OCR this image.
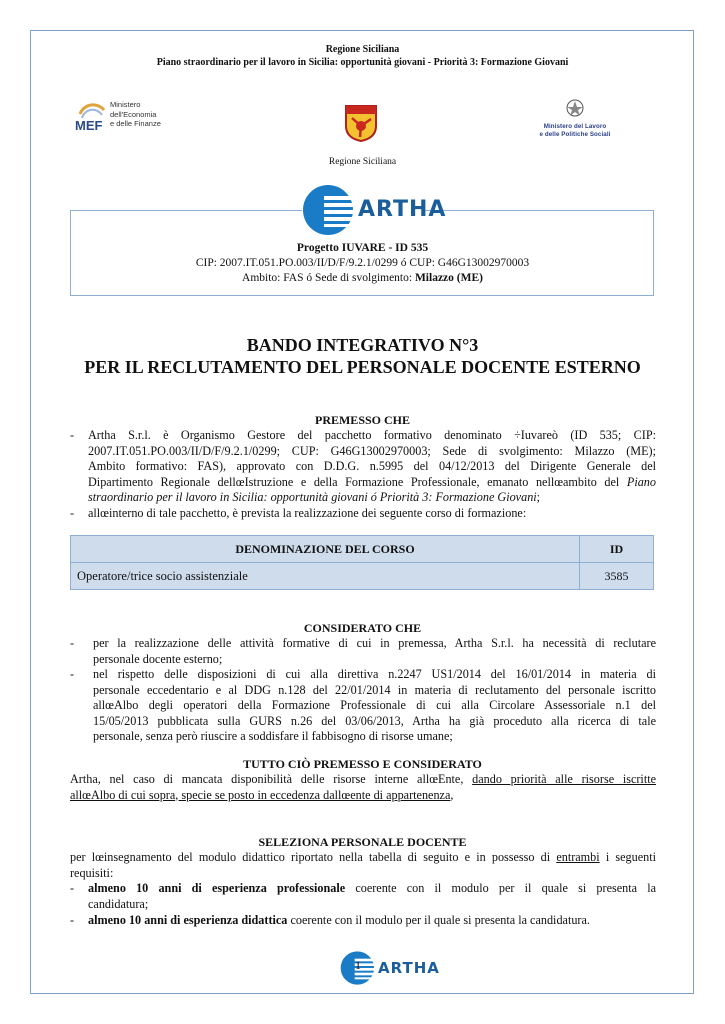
Regione Siciliana
Piano straordinario per il lavoro in Sicilia: opportunità giovani - Priorità 3: Formazione Giovani
MEF
Ministero
dell'Economia
e delle Finanze	Ministero del Lavoro
e delle Politiche Sociali
Regione Siciliana
ARTHA
Progetto IUVARE - ID 535
CIP: 2007.IT.051.PO.003/II/D/F/9.2.1/0299 ó CUP: G46G13002970003
Ambito: FAS ó Sede di svolgimento: Milazzo (ME)
BANDO INTEGRATIVO N°3
PER IL RECLUTAMENTO DEL PERSONALE DOCENTE ESTERNO
PREMESSO CHE
- Artha S.r.l. è Organismo Gestore del pacchetto formativo denominato ÷Iuvareò (ID 535; CIP:
2007.IT.051.PO.003/II/D/F/9.2.1/0299; CUP: G46G13002970003; Sede di svolgimento: Milazzo (ME);
Ambito formativo: FAS), approvato con D.D.G. n.5995 del 04/12/2013 del Dirigente Generale del
Dipartimento Regionale dellœIstruzione e della Formazione Professionale, emanato nellœambito del Piano
straordinario per il lavoro in Sicilia: opportunità giovani ó Priorità 3: Formazione Giovani;
- allœinterno di tale pacchetto, è prevista la realizzazione dei seguente corso di formazione:
DENOMINAZIONE DEL CORSO	ID
Operatore/trice socio assistenziale	3585
CONSIDERATO CHE
- per la realizzazione delle attività formative di cui in premessa, Artha S.r.l. ha necessità di reclutare
personale docente esterno;
- nel rispetto delle disposizioni di cui alla direttiva n.2247 US1/2014 del 16/01/2014 in materia di
personale eccedentario e al DDG n.128 del 22/01/2014 in materia di reclutamento del personale iscritto
allœAlbo degli operatori della Formazione Professionale di cui alla Circolare Assessoriale n.1 del
15/05/2013 pubblicata sulla GURS n.26 del 03/06/2013, Artha ha già proceduto alla ricerca di tale
personale, senza però riuscire a soddisfare il fabbisogno di risorse umane;
TUTTO CIÒ PREMESSO E CONSIDERATO
Artha, nel caso di mancata disponibilità delle risorse interne allœEnte, dando priorità alle risorse iscritte
allœAlbo di cui sopra, specie se posto in eccedenza dallœente di appartenenza,
SELEZIONA PERSONALE DOCENTE
per lœinsegnamento del modulo didattico riportato nella tabella di seguito e in possesso di entrambi i seguenti
requisiti:
- almeno 10 anni di esperienza professionale coerente con il modulo per il quale si presenta la
candidatura;
- almeno 10 anni di esperienza didattica coerente con il modulo per il quale si presenta la candidatura.
ARTHA
1
